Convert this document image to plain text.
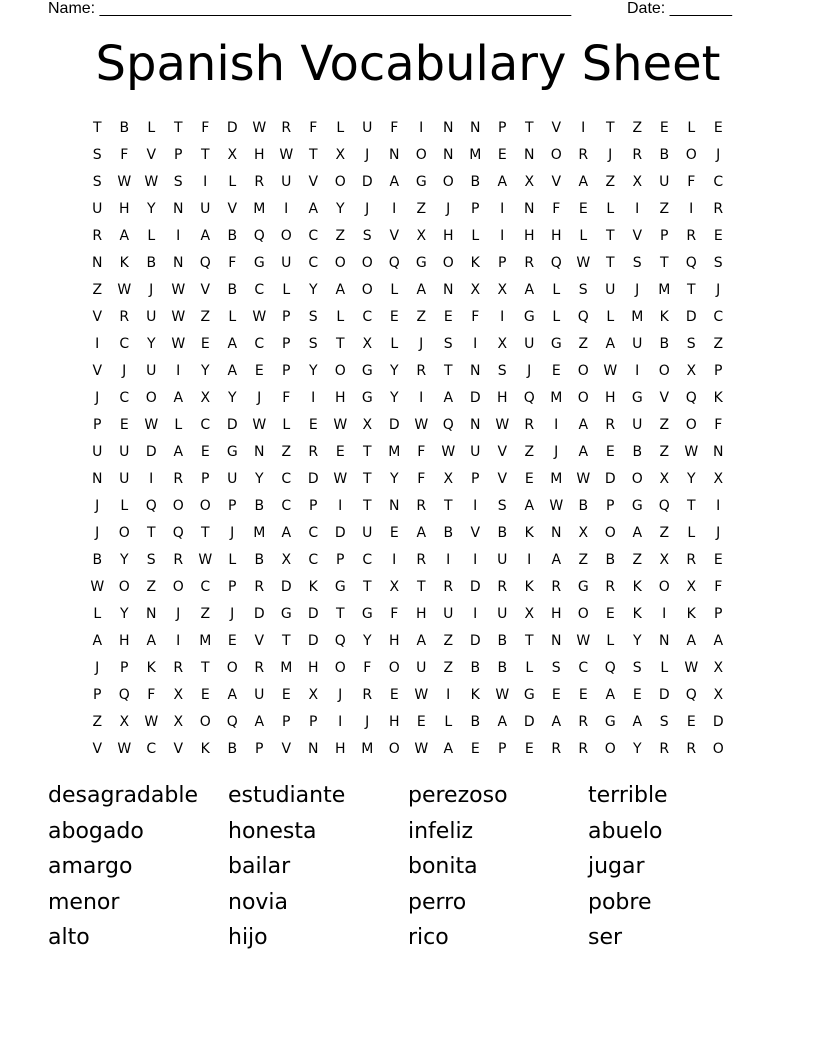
Name: _____________________________________________________	Date: _______
Spanish Vocabulary Sheet
T	B	L	T	F	D	W	R	F	L	U	F	I	N	N	P	T	V	I	T	Z	E	L	E
S	F	V	P	T	X	H	W	T	X	J	N	O	N	M	E	N	O	R	J	R	B	O	J
S	W W	S	I	L	R	U	V	O	D	A	G	O	B	A	X	V	A	Z	X	U	F	C
U	H	Y	N	U	V	M	I	A	Y	J	I	Z	J	P	I	N	F	E	L	I	Z	I	R
R	A	L	I	A	B	Q	O	C	Z	S	V	X	H	L	I	H	H	L	T	V	P	R	E
N	K	B	N	Q	F	G	U	C	O	O	Q	G	O	K	P	R	Q	W	T	S	T	Q	S
Z	W	J	W	V	B	C	L	Y	A	O	L	A	N	X	X	A	L	S	U	J	M	T	J
V	R	U	W	Z	L	W	P	S	L	C	E	Z	E	F	I	G	L	Q	L	M	K	D	C
I	C	Y	W	E	A	C	P	S	T	X	L	J	S	I	X	U	G	Z	A	U	B	S	Z
V	J	U	I	Y	A	E	P	Y	O	G	Y	R	T	N	S	J	E	O	W	I	O	X	P
J	C	O	A	X	Y	J	F	I	H	G	Y	I	A	D	H	Q	M	O	H	G	V	Q	K
P	E	W	L	C	D	W	L	E	W	X	D	W	Q	N	W	R	I	A	R	U	Z	O	F
U	U	D	A	E	G	N	Z	R	E	T	M	F	W	U	V	Z	J	A	E	B	Z	W	N
N	U	I	R	P	U	Y	C	D	W	T	Y	F	X	P	V	E	M W	D	O	X	Y	X
J	L	Q	O	O	P	B	C	P	I	T	N	R	T	I	S	A	W	B	P	G	Q	T	I
J	O	T	Q	T	J	M	A	C	D	U	E	A	B	V	B	K	N	X	O	A	Z	L	J
B	Y	S	R	W	L	B	X	C	P	C	I	R	I	I	U	I	A	Z	B	Z	X	R	E
W	O	Z	O	C	P	R	D	K	G	T	X	T	R	D	R	K	R	G	R	K	O	X	F
L	Y	N	J	Z	J	D	G	D	T	G	F	H	U	I	U	X	H	O	E	K	I	K	P
A	H	A	I	M	E	V	T	D	Q	Y	H	A	Z	D	B	T	N	W	L	Y	N	A	A
J	P	K	R	T	O	R	M	H	O	F	O	U	Z	B	B	L	S	C	Q	S	L	W	X
P	Q	F	X	E	A	U	E	X	J	R	E	W	I	K	W	G	E	E	A	E	D	Q	X
Z	X	W	X	O	Q	A	P	P	I	J	H	E	L	B	A	D	A	R	G	A	S	E	D
V	W	C	V	K	B	P	V	N	H	M	O	W	A	E	P	E	R	R	O	Y	R	R	O
desagradable	estudiante	perezoso	terrible
abogado	honesta	infeliz	abuelo
amargo	bailar	bonita	jugar
menor	novia	perro	pobre
alto	hijo	rico	ser
